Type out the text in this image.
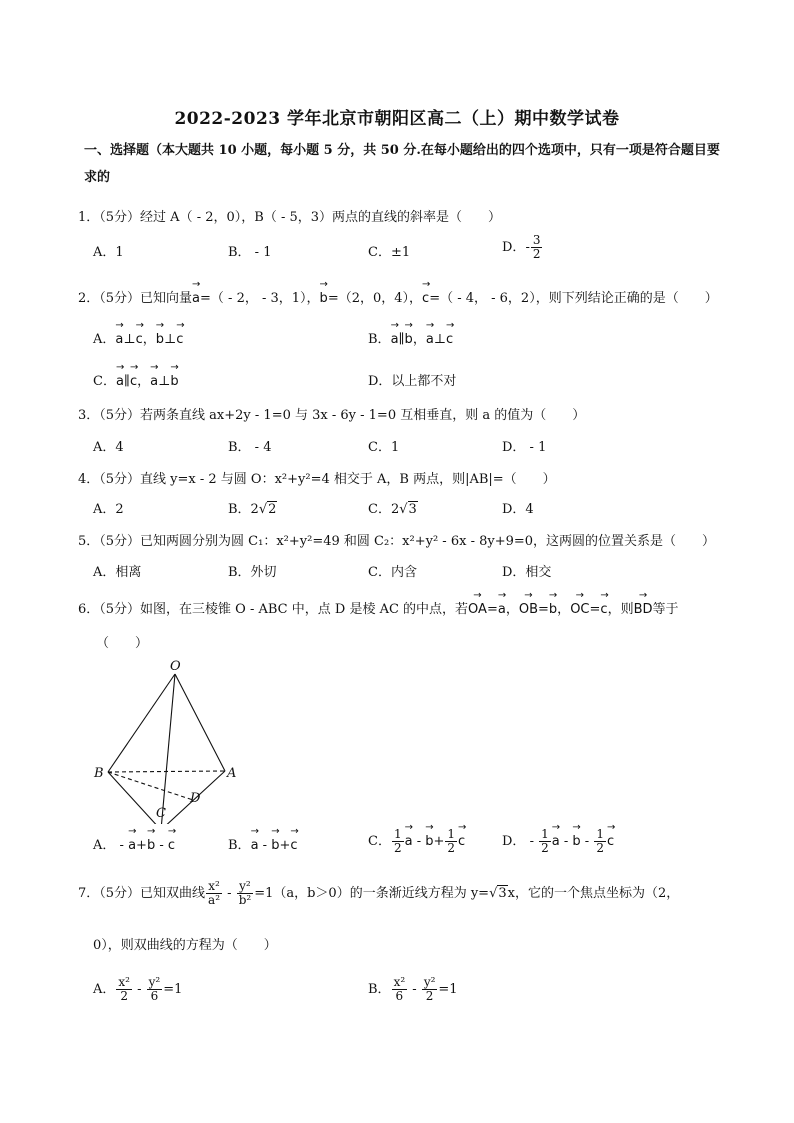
2022-2023 学年北京市朝阳区高二（上）期中数学试卷
一、选择题（本大题共 10 小题，每小题 5 分，共 50 分.在每小题给出的四个选项中，只有一项是符合题目要求的
1．（5分）经过 A（ - 2，0），B（ - 5，3）两点的直线的斜率是（　　）
A．1	B． - 1	C．±1	D．- $\frac{3}{2}$
2．（5分）已知向量→ a=（ - 2， - 3，1），→ b=（2，0，4），→ c=（ - 4， - 6，2），则下列结论正确的是（　　）
A．→ a⊥→ c，→ b⊥→ c	B．→ a∥→ b，→ a⊥→ c
C．→ a∥→ c，→ a⊥→ b	D．以上都不对
3．（5分）若两条直线 ax+2y - 1=0 与 3x - 6y - 1=0 互相垂直，则 a 的值为（　　）
A．4	B． - 4	C．1	D． - 1
4．（5分）直线 y=x - 2 与圆 O：x²+y²=4 相交于 A，B 两点，则|AB|=（　　）
A．2	B．2√2	C．2√3	D．4
5．（5分）已知两圆分别为圆 C₁：x²+y²=49 和圆 C₂：x²+y² - 6x - 8y+9=0，这两圆的位置关系是（　　）
A．相离	B．外切	C．内含	D．相交
6．（5分）如图，在三棱锥 O - ABC 中，点 D 是棱 AC 的中点，若→ OA=→ a，→ OB=→ b，→ OC=→ c，则→ BD等于
（　　）
O
B	A
D
C
A． - → a+→ b - → c	B．→ a - → b+→ c	C． $\frac{1}{2}$
→ a - → $b+ \frac{1}{2}$
→ c	D． - $\frac{1}{2}$
→ a - → b - $\frac{1}{2}$
→ c
7．（5分）已知双曲线 $\frac{\text{x²}}{\text{a²}} - \frac{\text{y²}}{\text{b²}} =1(a$，b＞0）的一条渐近线方程为 y=√3x，它的一个焦点坐标为（2，
0），则双曲线的方程为（　　）
A． $\frac{\text{x²}}{2} - \frac{\text{y²}}{6} =1$	B． $\frac{\text{x²}}{6} - \frac{\text{y²}}{2} =1$
